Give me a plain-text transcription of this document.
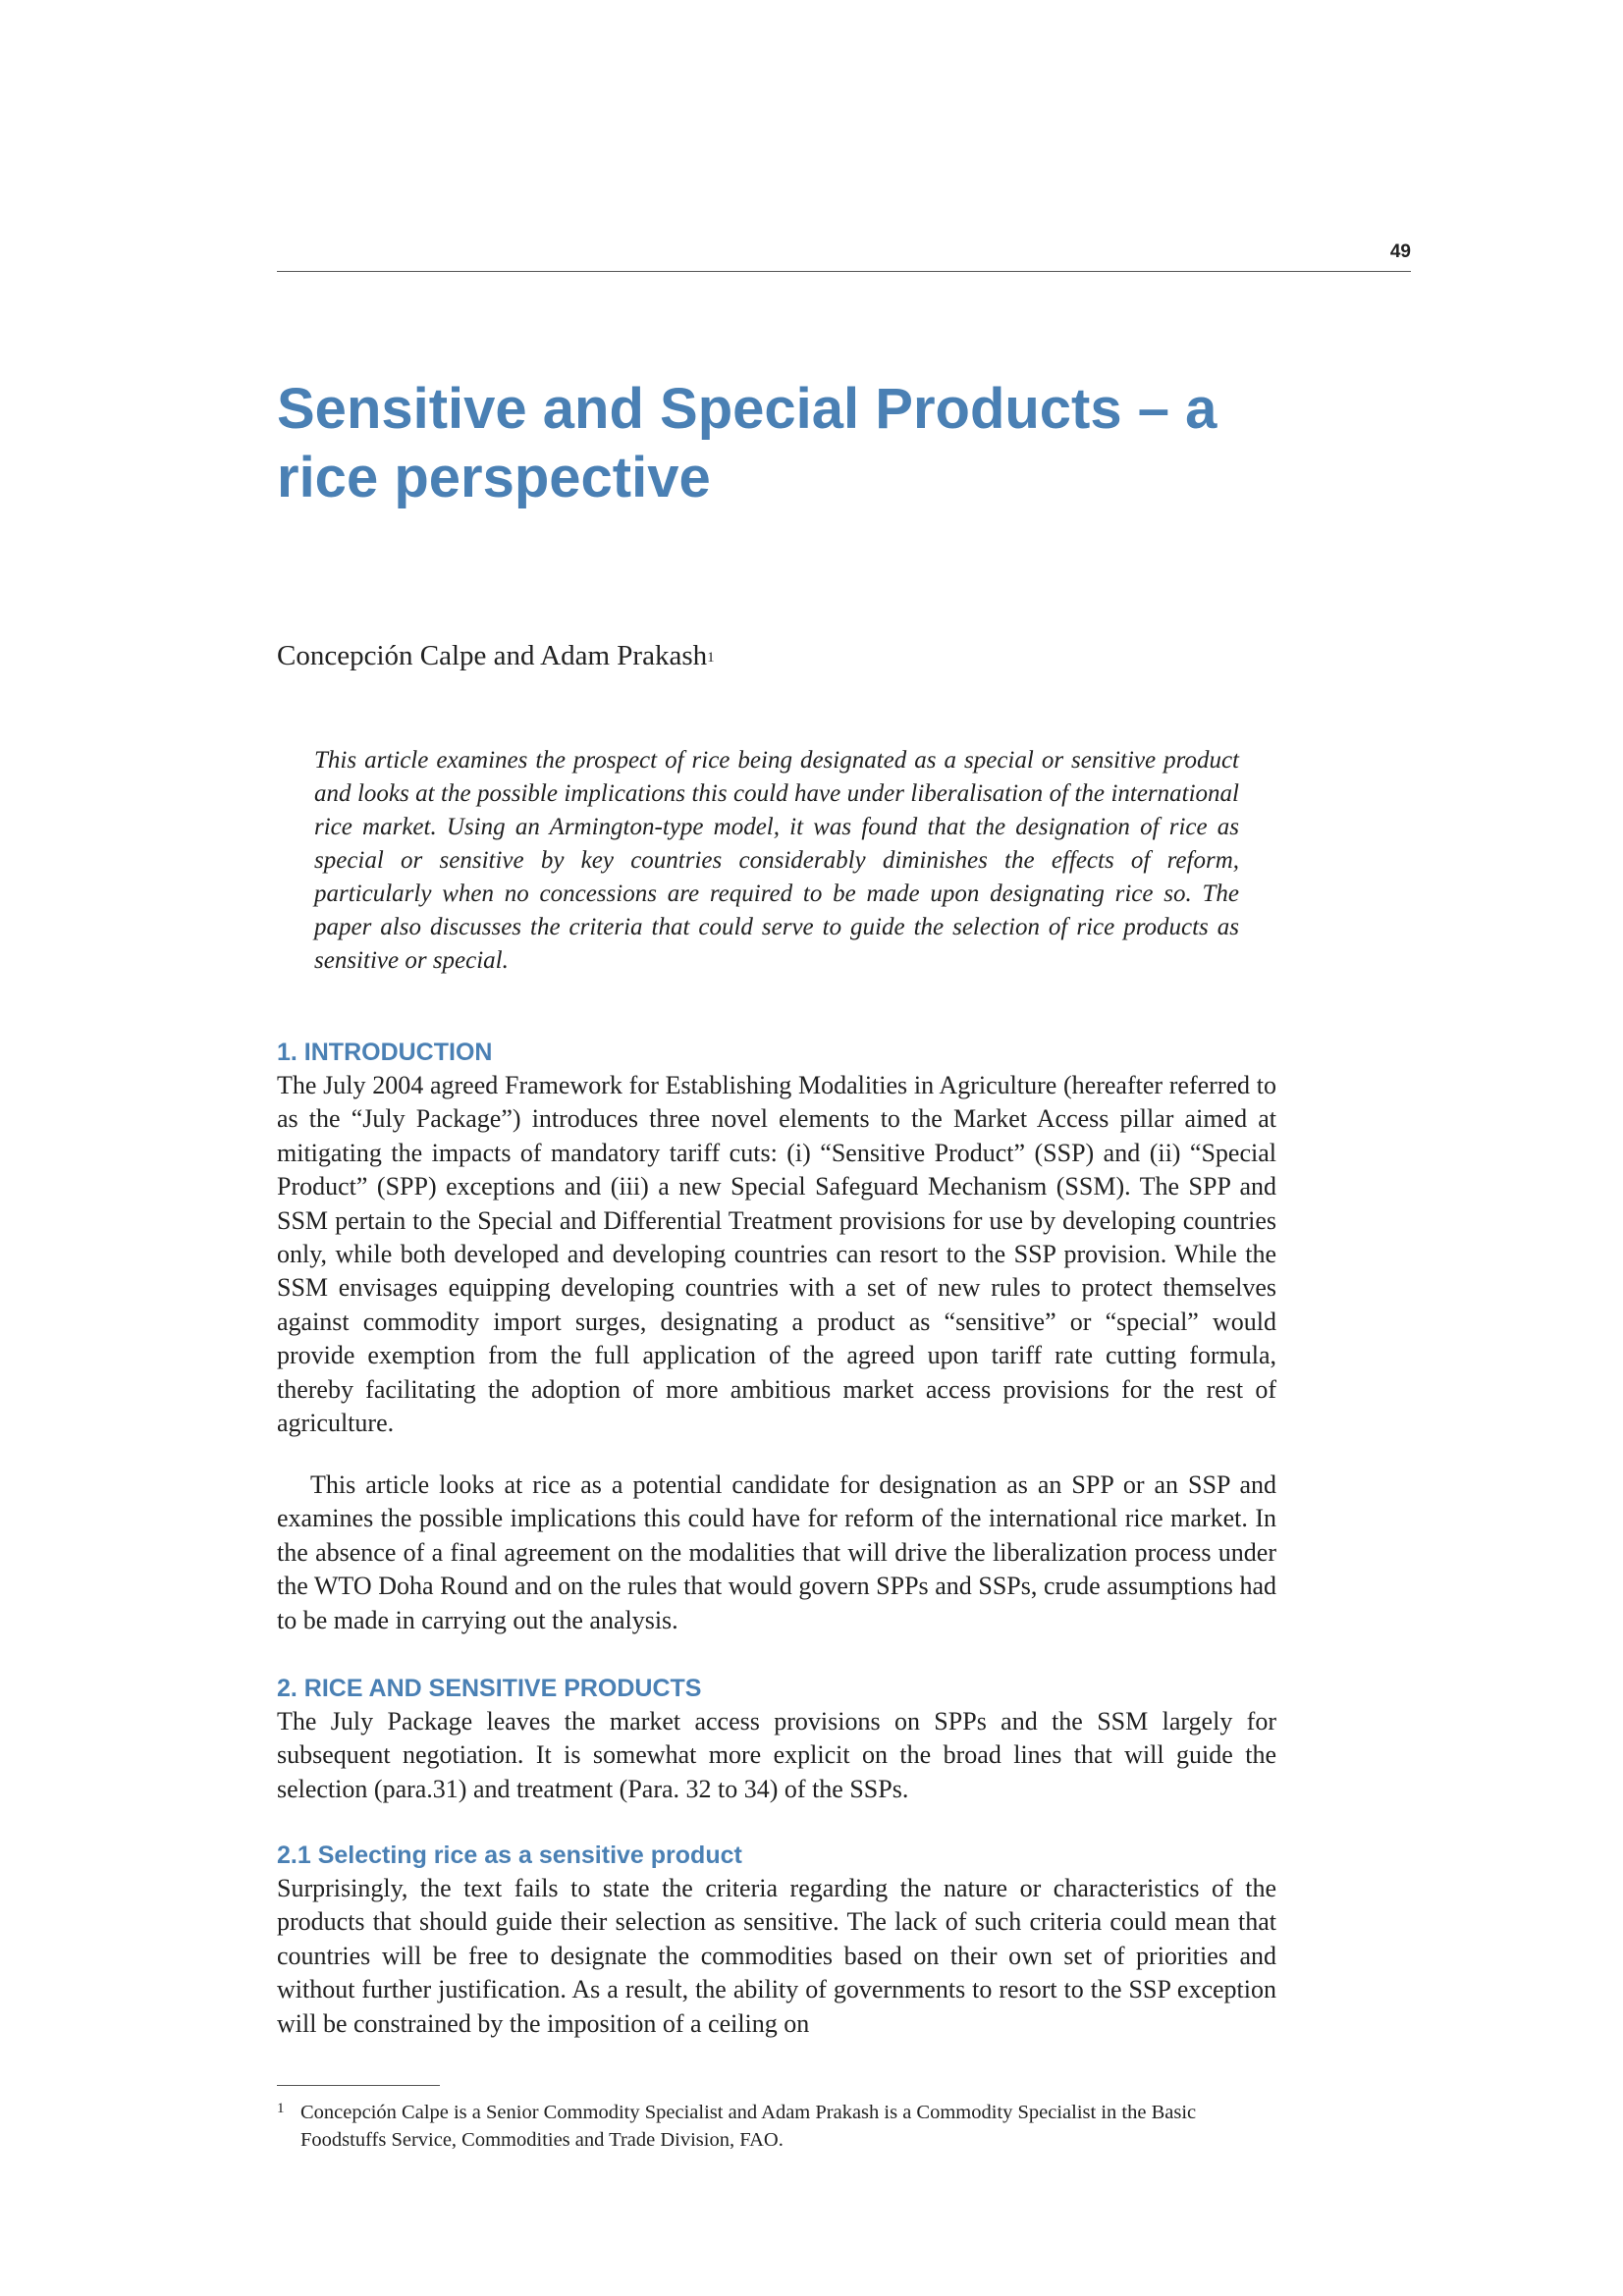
49
Sensitive and Special Products – a rice perspective

Concepción Calpe and Adam Prakash$^1$

This article examines the prospect of rice being designated as a special or sensitive product and looks at the possible implications this could have under liberalisation of the international rice market. Using an Armington-type model, it was found that the designation of rice as special or sensitive by key countries considerably diminishes the effects of reform, particularly when no concessions are required to be made upon designating rice so. The paper also discusses the criteria that could serve to guide the selection of rice products as sensitive or special.

1. INTRODUCTION

The July 2004 agreed Framework for Establishing Modalities in Agriculture (hereafter referred to as the “July Package”) introduces three novel elements to the Market Access pillar aimed at mitigating the impacts of mandatory tariff cuts: (i) “Sensitive Product” (SSP) and (ii) “Special Product” (SPP) exceptions and (iii) a new Special Safeguard Mechanism (SSM). The SPP and SSM pertain to the Special and Differential Treatment provisions for use by developing countries only, while both developed and developing countries can resort to the SSP provision. While the SSM envisages equipping developing countries with a set of new rules to protect themselves against commodity import surges, designating a product as “sensitive” or “special” would provide exemption from the full application of the agreed upon tariff rate cutting formula, thereby facilitating the adoption of more ambitious market access provisions for the rest of agriculture.

This article looks at rice as a potential candidate for designation as an SPP or an SSP and examines the possible implications this could have for reform of the international rice market. In the absence of a final agreement on the modalities that will drive the liberalization process under the WTO Doha Round and on the rules that would govern SPPs and SSPs, crude assumptions had to be made in carrying out the analysis.

2. RICE AND SENSITIVE PRODUCTS

The July Package leaves the market access provisions on SPPs and the SSM largely for subsequent negotiation. It is somewhat more explicit on the broad lines that will guide the selection (para.31) and treatment (Para. 32 to 34) of the SSPs.

2.1 Selecting rice as a sensitive product

Surprisingly, the text fails to state the criteria regarding the nature or characteristics of the products that should guide their selection as sensitive. The lack of such criteria could mean that countries will be free to designate the commodities based on their own set of priorities and without further justification. As a result, the ability of governments to resort to the SSP exception will be constrained by the imposition of a ceiling on

1 Concepción Calpe is a Senior Commodity Specialist and Adam Prakash is a Commodity Specialist in the Basic Foodstuffs Service, Commodities and Trade Division, FAO.
